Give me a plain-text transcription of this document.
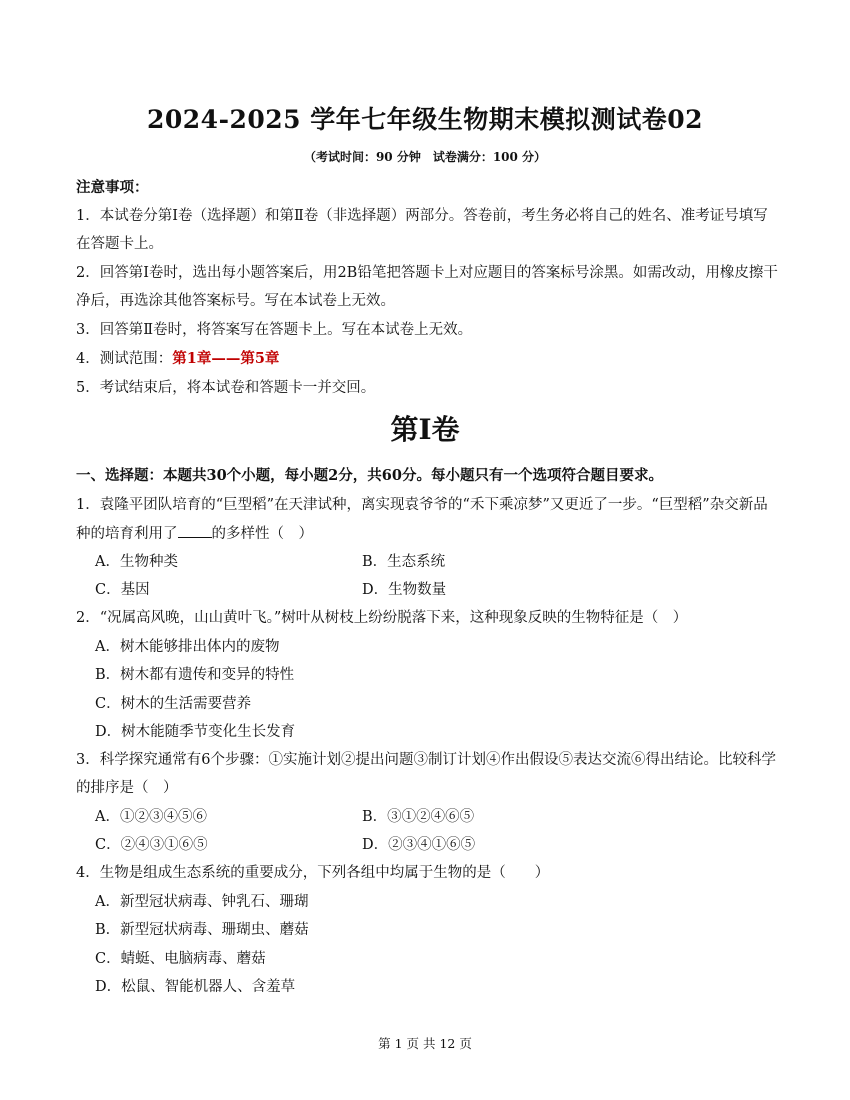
2024-2025 学年七年级生物期末模拟测试卷02
（考试时间：90 分钟　试卷满分：100 分）
注意事项：
1．本试卷分第Ⅰ卷（选择题）和第Ⅱ卷（非选择题）两部分。答卷前，考生务必将自己的姓名、准考证号填写
在答题卡上。
2．回答第Ⅰ卷时，选出每小题答案后，用2B铅笔把答题卡上对应题目的答案标号涂黑。如需改动，用橡皮擦干
净后，再选涂其他答案标号。写在本试卷上无效。
3．回答第Ⅱ卷时，将答案写在答题卡上。写在本试卷上无效。
4．测试范围：第1章——第5章
5．考试结束后，将本试卷和答题卡一并交回。
第Ⅰ卷
一、选择题：本题共30个小题，每小题2分，共60分。每小题只有一个选项符合题目要求。
1．袁隆平团队培育的“巨型稻”在天津试种，离实现袁爷爷的“禾下乘凉梦”又更近了一步。“巨型稻”杂交新品
种的培育利用了 的多样性（　）
A．生物种类	B．生态系统
C．基因	D．生物数量
2．“况属高风晚，山山黄叶飞。”树叶从树枝上纷纷脱落下来，这种现象反映的生物特征是（　）
A．树木能够排出体内的废物
B．树木都有遗传和变异的特性
C．树木的生活需要营养
D．树木能随季节变化生长发育
3．科学探究通常有6个步骤：①实施计划②提出问题③制订计划④作出假设⑤表达交流⑥得出结论。比较科学
的排序是（　）
A．①②③④⑤⑥	B．③①②④⑥⑤
C．②④③①⑥⑤	D．②③④①⑥⑤
4．生物是组成生态系统的重要成分，下列各组中均属于生物的是（　　）
A．新型冠状病毒、钟乳石、珊瑚
B．新型冠状病毒、珊瑚虫、蘑菇
C．蜻蜓、电脑病毒、蘑菇
D．松鼠、智能机器人、含羞草
第 1 页 共 12 页
